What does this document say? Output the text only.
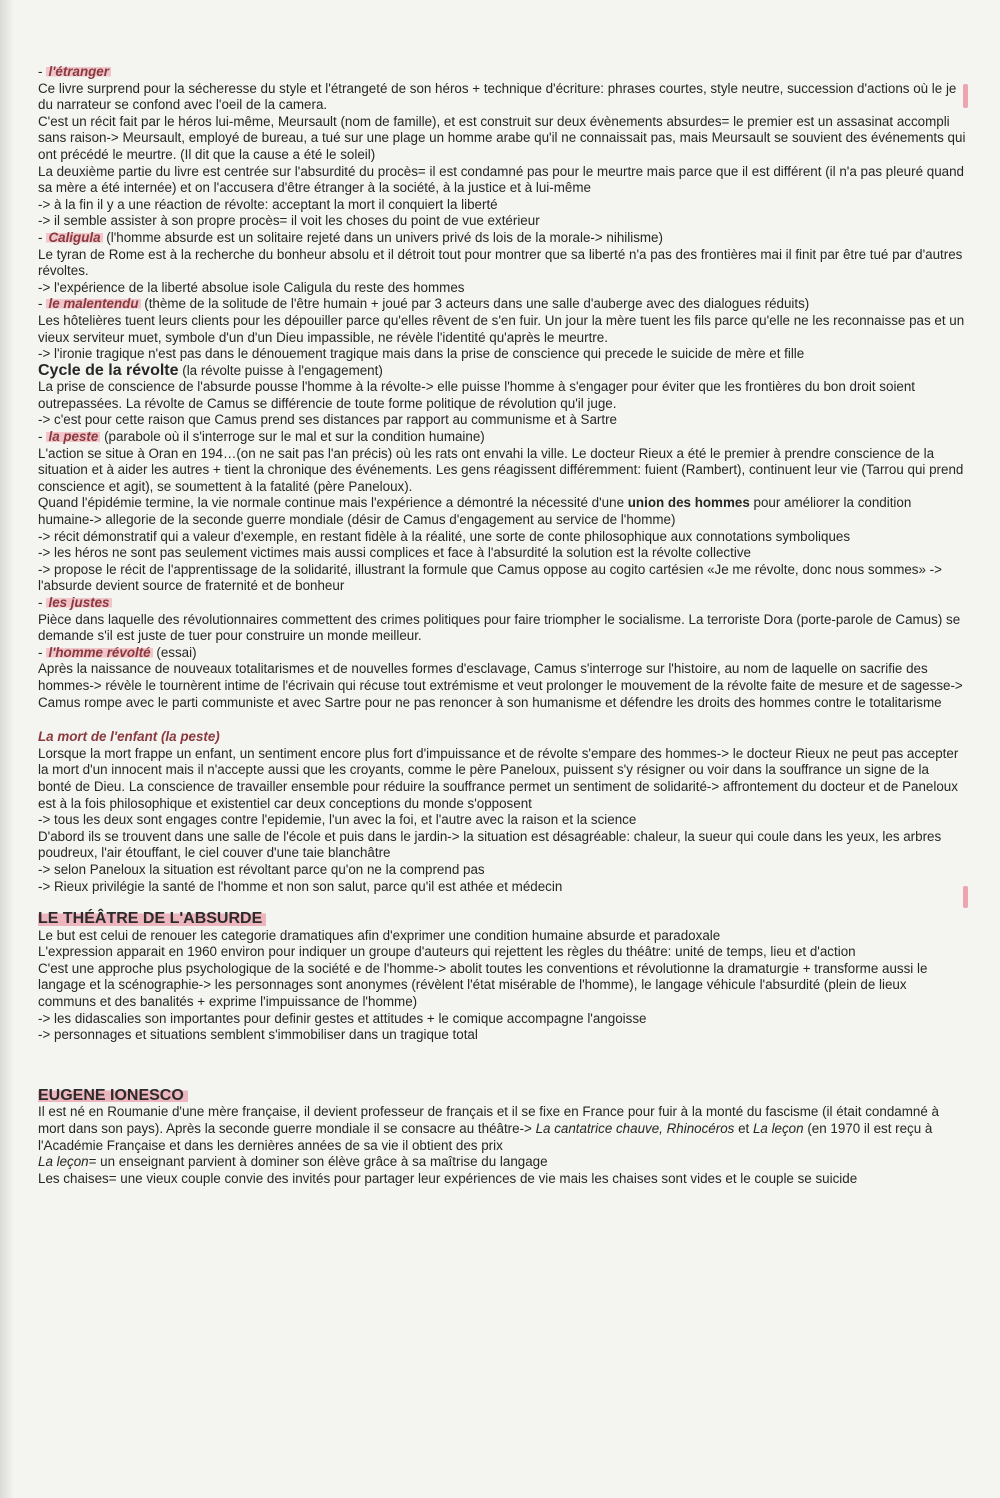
- l'étranger
Ce livre surprend pour la sécheresse du style et l'étrangeté de son héros + technique d'écriture: phrases courtes, style neutre, succession d'actions où le je du narrateur se confond avec l'oeil de la camera.
C'est un récit fait par le héros lui-même, Meursault (nom de famille), et est construit sur deux évènements absurdes= le premier est un assasinat accompli sans raison-> Meursault, employé de bureau, a tué sur une plage un homme arabe qu'il ne connaissait pas, mais Meursault se souvient des événements qui ont précédé le meurtre. (Il dit que la cause a été le soleil)
La deuxième partie du livre est centrée sur l'absurdité du procès= il est condamné pas pour le meurtre mais parce que il est différent (il n'a pas pleuré quand sa mère a été internée) et on l'accusera d'être étranger à la société, à la justice et à lui-même
-> à la fin il y a une réaction de révolte: acceptant la mort il conquiert la liberté
-> il semble assister à son propre procès= il voit les choses du point de vue extérieur
- Caligula (l'homme absurde est un solitaire rejeté dans un univers privé ds lois de la morale-> nihilisme)
Le tyran de Rome est à la recherche du bonheur absolu et il détroit tout pour montrer que sa liberté n'a pas des frontières mai il finit par être tué par d'autres révoltes.
-> l'expérience de la liberté absolue isole Caligula du reste des hommes
- le malentendu (thème de la solitude de l'être humain + joué par 3 acteurs dans une salle d'auberge avec des dialogues réduits)
Les hôtelières tuent leurs clients pour les dépouiller parce qu'elles rêvent de s'en fuir. Un jour la mère tuent les fils parce qu'elle ne les reconnaisse pas et un vieux serviteur muet, symbole d'un d'un Dieu impassible, ne révèle l'identité qu'après le meurtre.
-> l'ironie tragique n'est pas dans le dénouement tragique mais dans la prise de conscience qui precede le suicide de mère et fille
Cycle de la révolte (la révolte puisse à l'engagement)
La prise de conscience de l'absurde pousse l'homme à la révolte-> elle puisse l'homme à s'engager pour éviter que les frontières du bon droit soient outrepassées. La révolte de Camus se différencie de toute forme politique de révolution qu'il juge.
-> c'est pour cette raison que Camus prend ses distances par rapport au communisme et à Sartre
- la peste (parabole où il s'interroge sur le mal et sur la condition humaine)
L'action se situe à Oran en 194…(on ne sait pas l'an précis) où les rats ont envahi la ville. Le docteur Rieux a été le premier à prendre conscience de la situation et à aider les autres + tient la chronique des événements. Les gens réagissent différemment: fuient (Rambert), continuent leur vie (Tarrou qui prend conscience et agit), se soumettent à la fatalité (père Paneloux).
Quand l'épidémie termine, la vie normale continue mais l'expérience a démontré la nécessité d'une union des hommes pour améliorer la condition humaine-> allegorie de la seconde guerre mondiale (désir de Camus d'engagement au service de l'homme)
-> récit démonstratif qui a valeur d'exemple, en restant fidèle à la réalité, une sorte de conte philosophique aux connotations symboliques
-> les héros ne sont pas seulement victimes mais aussi complices et face à l'absurdité la solution est la révolte collective
-> propose le récit de l'apprentissage de la solidarité, illustrant la formule que Camus oppose au cogito cartésien «Je me révolte, donc nous sommes» -> l'absurde devient source de fraternité et de bonheur
- les justes
Pièce dans laquelle des révolutionnaires commettent des crimes politiques pour faire triompher le socialisme. La terroriste Dora (porte-parole de Camus) se demande s'il est juste de tuer pour construire un monde meilleur.
- l'homme révolté (essai)
Après la naissance de nouveaux totalitarismes et de nouvelles formes d'esclavage, Camus s'interroge sur l'histoire, au nom de laquelle on sacrifie des hommes-> révèle le tournèrent intime de l'écrivain qui récuse tout extrémisme et veut prolonger le mouvement de la révolte faite de mesure et de sagesse-> Camus rompe avec le parti communiste et avec Sartre pour ne pas renoncer à son humanisme et défendre les droits des hommes contre le totalitarisme
La mort de l'enfant (la peste)
Lorsque la mort frappe un enfant, un sentiment encore plus fort d'impuissance et de révolte s'empare des hommes-> le docteur Rieux ne peut pas accepter la mort d'un innocent mais il n'accepte aussi que les croyants, comme le père Paneloux, puissent s'y résigner ou voir dans la souffrance un signe de la bonté de Dieu. La conscience de travailler ensemble pour réduire la souffrance permet un sentiment de solidarité-> affrontement du docteur et de Paneloux est à la fois philosophique et existentiel car deux conceptions du monde s'opposent
-> tous les deux sont engages contre l'epidemie, l'un avec la foi, et l'autre avec la raison et la science
D'abord ils se trouvent dans une salle de l'école et puis dans le jardin-> la situation est désagréable: chaleur, la sueur qui coule dans les yeux, les arbres poudreux, l'air étouffant, le ciel couver d'une taie blanchâtre
-> selon Paneloux la situation est révoltant parce qu'on ne la comprend pas
-> Rieux privilégie la santé de l'homme et non son salut, parce qu'il est athée et médecin
LE THÉÂTRE DE L'ABSURDE
Le but est celui de renouer les categorie dramatiques afin d'exprimer une condition humaine absurde et paradoxale
L'expression apparait en 1960 environ pour indiquer un groupe d'auteurs qui rejettent les règles du théâtre: unité de temps, lieu et d'action
C'est une approche plus psychologique de la société e de l'homme-> abolit toutes les conventions et révolutionne la dramaturgie + transforme aussi le langage et la scénographie-> les personnages sont anonymes (révèlent l'état misérable de l'homme), le langage véhicule l'absurdité (plein de lieux communs et des banalités + exprime l'impuissance de l'homme)
-> les didascalies son importantes pour definir gestes et attitudes + le comique accompagne l'angoisse
-> personnages et situations semblent s'immobiliser dans un tragique total
EUGENE IONESCO
Il est né en Roumanie d'une mère française, il devient professeur de français et il se fixe en France pour fuir à la monté du fascisme (il était condamné à mort dans son pays). Après la seconde guerre mondiale il se consacre au théâtre-> La cantatrice chauve, Rhinocéros et La leçon (en 1970 il est reçu à l'Académie Française et dans les dernières années de sa vie il obtient des prix
La leçon= un enseignant parvient à dominer son élève grâce à sa maîtrise du langage
Les chaises= une vieux couple convie des invités pour partager leur expériences de vie mais les chaises sont vides et le couple se suicide
